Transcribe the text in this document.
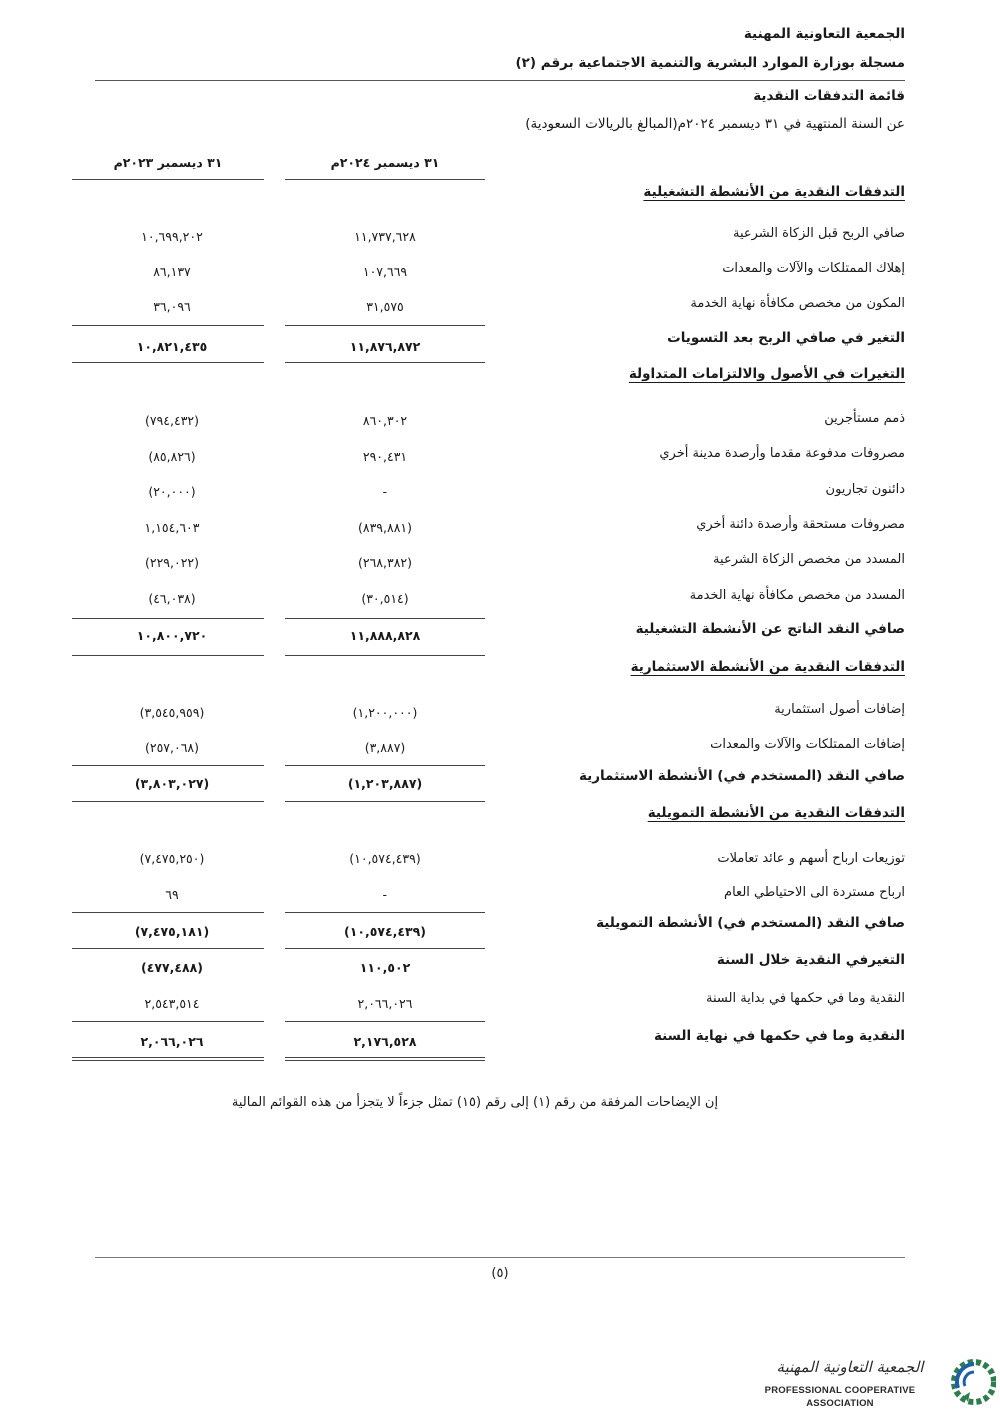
الجمعية التعاونية المهنية
مسجلة بوزارة الموارد البشرية والتنمية الاجتماعية برقم (٢)
قائمة التدفقات النقدية
عن السنة المنتهية في ٣١ ديسمبر ٢٠٢٤م(المبالغ بالريالات السعودية)
٣١ ديسمبر ٢٠٢٤م
٣١ ديسمبر ٢٠٢٣م
التدفقات النقدية من الأنشطة التشغيلية
صافي الربح قبل الزكاة الشرعية
١١,٧٣٧,٦٢٨
١٠,٦٩٩,٢٠٢
إهلاك الممتلكات والآلات والمعدات
١٠٧,٦٦٩
٨٦,١٣٧
المكون من مخصص مكافأة نهاية الخدمة
٣١,٥٧٥
٣٦,٠٩٦
التغير في صافي الربح بعد التسويات
١١,٨٧٦,٨٧٢
١٠,٨٢١,٤٣٥
التغيرات في الأصول والالتزامات المتداولة
ذمم مستأجرين
٨٦٠,٣٠٢
(٧٩٤,٤٣٢)
مصروفات مدفوعة مقدما وأرصدة مدينة أخري
٢٩٠,٤٣١
(٨٥,٨٢٦)
دائنون تجاريون
-
(٢٠,٠٠٠)
مصروفات مستحقة وأرصدة دائنة أخري
(٨٣٩,٨٨١)
١,١٥٤,٦٠٣
المسدد من مخصص الزكاة الشرعية
(٢٦٨,٣٨٢)
(٢٢٩,٠٢٢)
المسدد من مخصص مكافأة نهاية الخدمة
(٣٠,٥١٤)
(٤٦,٠٣٨)
صافي النقد الناتج عن الأنشطة التشغيلية
١١,٨٨٨,٨٢٨
١٠,٨٠٠,٧٢٠
التدفقات النقدية من الأنشطة الاستثمارية
إضافات أصول استثمارية
(١,٢٠٠,٠٠٠)
(٣,٥٤٥,٩٥٩)
إضافات الممتلكات والآلات والمعدات
(٣,٨٨٧)
(٢٥٧,٠٦٨)
صافي النقد (المستخدم في) الأنشطة الاستثمارية
(١,٢٠٣,٨٨٧)
(٣,٨٠٣,٠٢٧)
التدفقات النقدية من الأنشطة التمويلية
توزيعات ارباح أسهم و عائد تعاملات
(١٠,٥٧٤,٤٣٩)
(٧,٤٧٥,٢٥٠)
ارباح مستردة الى الاحتياطي العام
-
٦٩
صافي النقد (المستخدم في) الأنشطة التمويلية
(١٠,٥٧٤,٤٣٩)
(٧,٤٧٥,١٨١)
التغيرفي النقدية خلال السنة
١١٠,٥٠٢
(٤٧٧,٤٨٨)
النقدية وما في حكمها في بداية السنة
٢,٠٦٦,٠٢٦
٢,٥٤٣,٥١٤
النقدية وما في حكمها في نهاية السنة
٢,١٧٦,٥٢٨
٢,٠٦٦,٠٢٦
إن الإيضاحات المرفقة من رقم (١) إلى رقم (١٥) تمثل جزءاً لا يتجزأ من هذه القوائم المالية
(٥)
الجمعية التعاونية المهنية
PROFESSIONAL COOPERATIVE
ASSOCIATION
